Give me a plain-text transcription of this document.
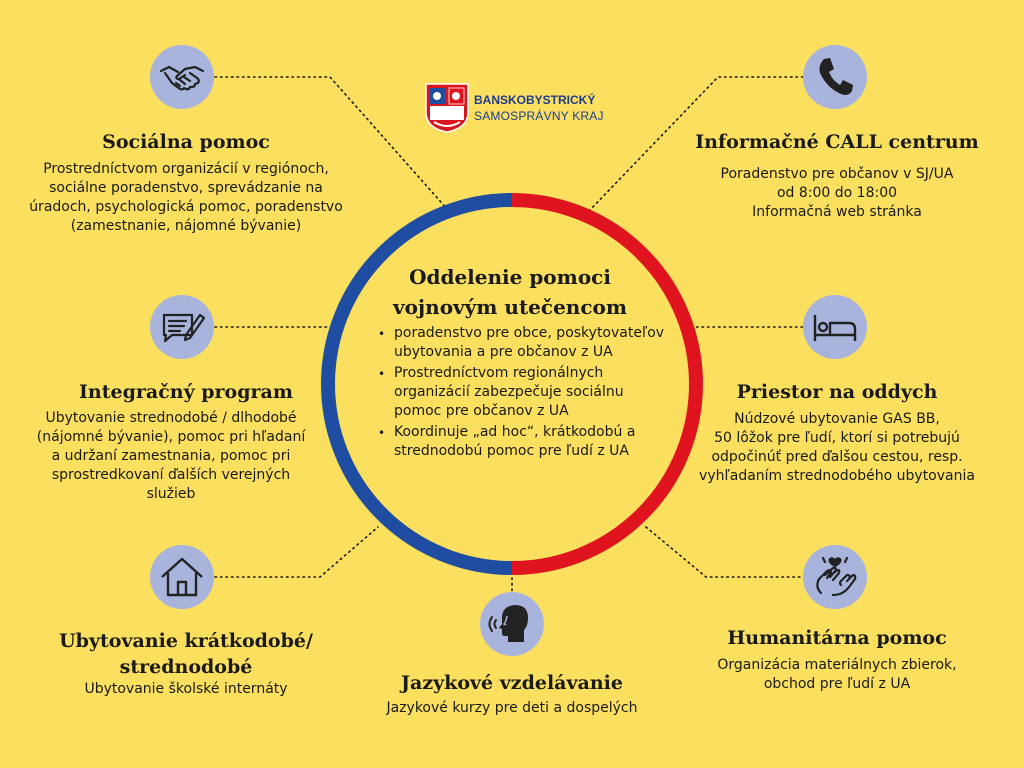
BANSKOBYSTRICKÝ
SAMOSPRÁVNY KRAJ
Oddelenie pomoci
vojnovým utečencom
• poradenstvo pre obce, poskytovateľov ubytovania a pre občanov z UA
• Prostredníctvom regionálnych organizácií zabezpečuje sociálnu pomoc pre občanov z UA
• Koordinuje „ad hoc“, krátkodobú a strednodobú pomoc pre ľudí z UA
Sociálna pomoc
Prostredníctvom organizácií v regiónoch,
sociálne poradenstvo, sprevádzanie na
úradoch, psychologická pomoc, poradenstvo
(zamestnanie, nájomné bývanie)
Integračný program
Ubytovanie strednodobé / dlhodobé
(nájomné bývanie), pomoc pri hľadaní
a udržaní zamestnania, pomoc pri
sprostredkovaní ďalších verejných
služieb
Ubytovanie krátkodobé/
strednodobé
Ubytovanie školské internáty	Jazykové vzdelávanie
Jazykové kurzy pre deti a dospelých
Informačné CALL centrum
Poradenstvo pre občanov v SJ/UA
od 8:00 do 18:00
Informačná web stránka
Priestor na oddych
Núdzové ubytovanie GAS BB,
50 lôžok pre ľudí, ktorí si potrebujú
odpočinúť pred ďalšou cestou, resp.
vyhľadaním strednodobého ubytovania
Humanitárna pomoc
Organizácia materiálnych zbierok,
obchod pre ľudí z UA
